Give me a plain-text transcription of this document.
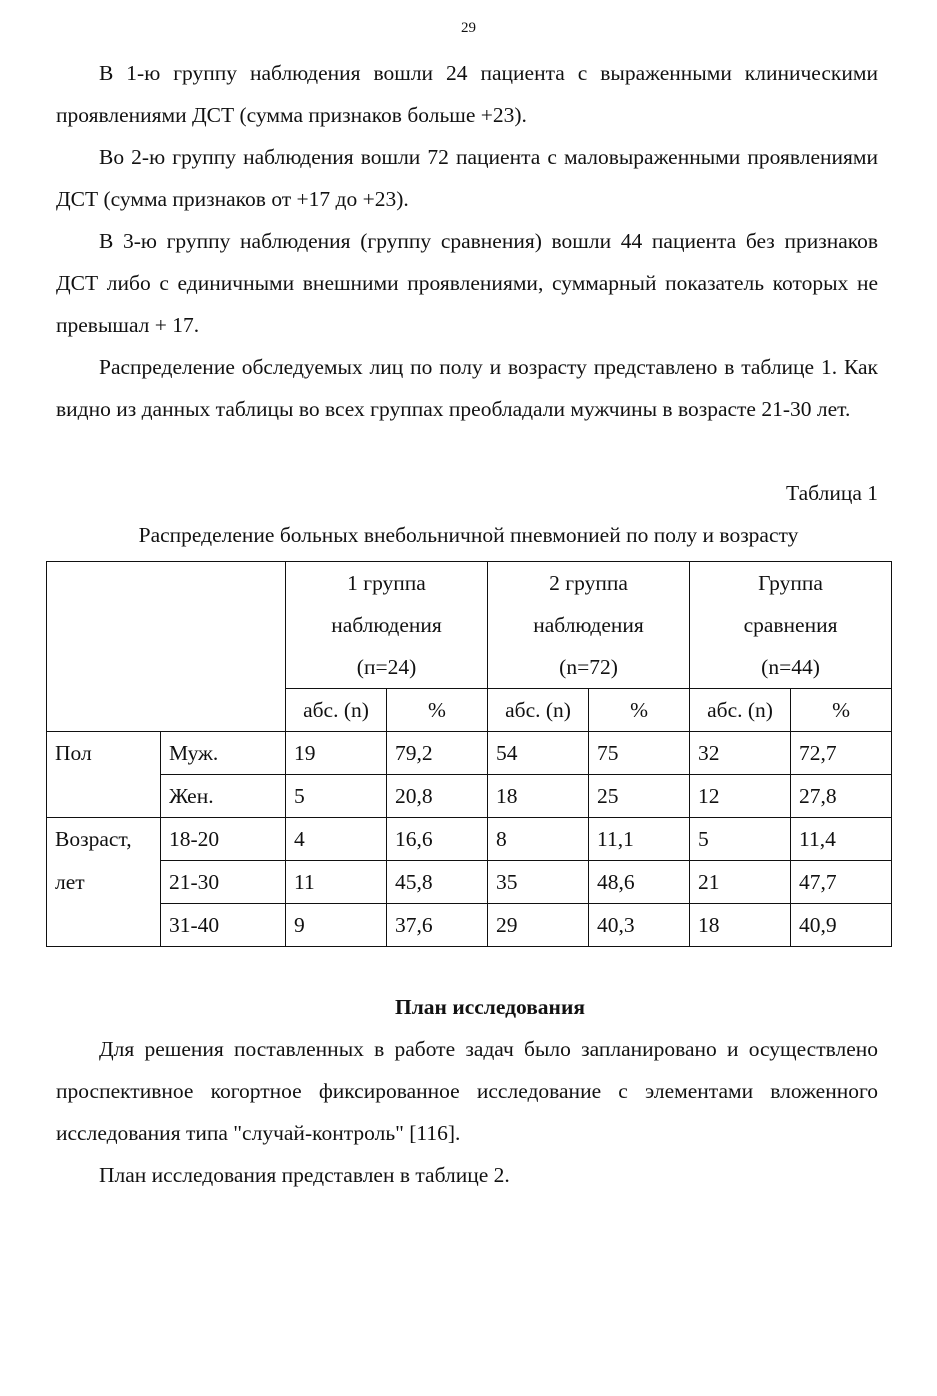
29

В 1-ю группу наблюдения вошли 24 пациента с выраженными клиническими проявлениями ДСТ (сумма признаков больше +23).

Во 2-ю группу наблюдения вошли 72 пациента с маловыраженными проявлениями ДСТ (сумма признаков от +17 до +23).

В 3-ю группу наблюдения (группу сравнения) вошли 44 пациента без признаков ДСТ либо с единичными внешними проявлениями, суммарный показатель которых не превышал + 17.

Распределение обследуемых лиц по полу и возрасту представлено в таблице 1. Как видно из данных таблицы во всех группах преобладали мужчины в возрасте 21-30 лет.

Таблица 1
Распределение больных внебольничной пневмонией по полу и возрасту

		1 группа
наблюдения
(п=24)		2 группа
наблюдения
(n=72)		Группа
сравнения
(n=44)	

		абс. (n)	%	абс. (n)	%	абс. (n)	%
Пол	Муж.	19	79,2	54	75	32	72,7
	Жен.	5	20,8	18	25	12	27,8
Возраст,	18-20	4	16,6	8	11,1	5	11,4
лет	21-30	11	45,8	35	48,6	21	47,7
	31-40	9	37,6	29	40,3	18	40,9
План исследования

Для решения поставленных в работе задач было запланировано и осуществлено проспективное когортное фиксированное исследование с элементами вложенного исследования типа "случай-контроль" [116].

План исследования представлен в таблице 2.
